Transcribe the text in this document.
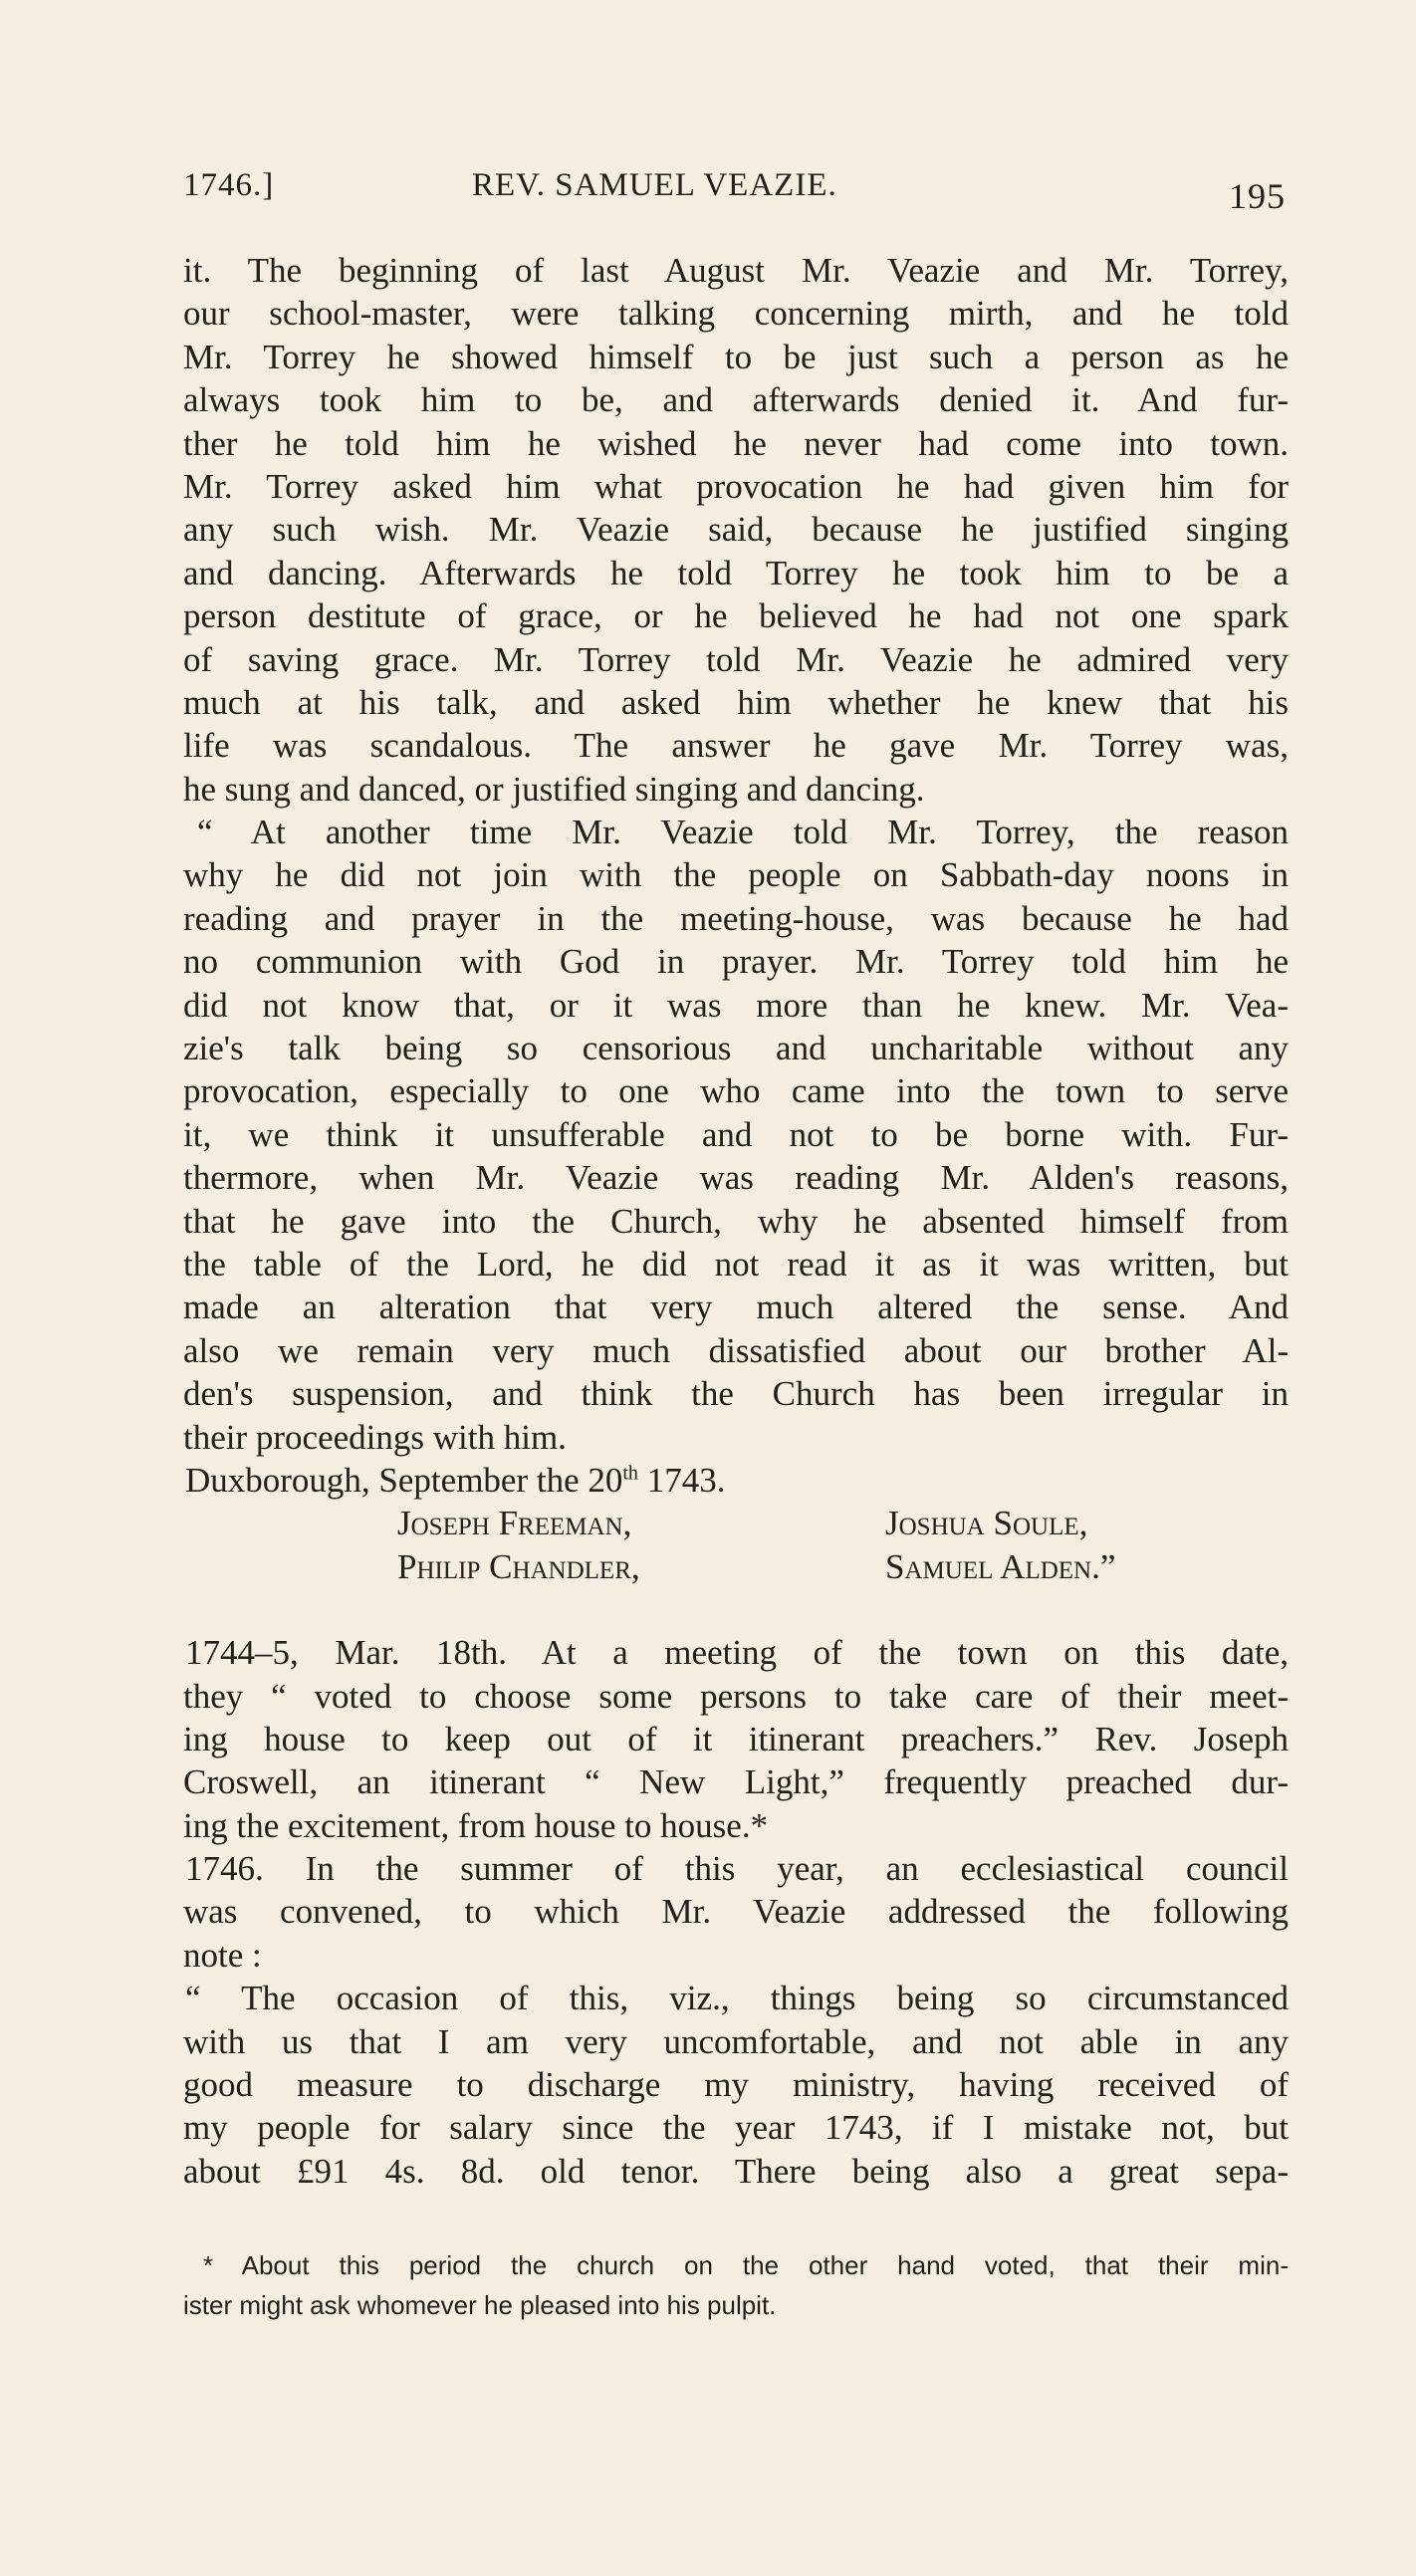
1746.]	REV. SAMUEL VEAZIE.	195
it. The beginning of last August Mr. Veazie and Mr. Torrey,
our school-master, were talking concerning mirth, and he told
Mr. Torrey he showed himself to be just such a person as he
always took him to be, and afterwards denied it. And fur-
ther he told him he wished he never had come into town.
Mr. Torrey asked him what provocation he had given him for
any such wish. Mr. Veazie said, because he justified singing
and dancing. Afterwards he told Torrey he took him to be a
person destitute of grace, or he believed he had not one spark
of saving grace. Mr. Torrey told Mr. Veazie he admired very
much at his talk, and asked him whether he knew that his
life was scandalous. The answer he gave Mr. Torrey was,
he sung and danced, or justified singing and dancing.
“ At another time Mr. Veazie told Mr. Torrey, the reason
why he did not join with the people on Sabbath-day noons in
reading and prayer in the meeting-house, was because he had
no communion with God in prayer. Mr. Torrey told him he
did not know that, or it was more than he knew. Mr. Vea-
zie's talk being so censorious and uncharitable without any
provocation, especially to one who came into the town to serve
it, we think it unsufferable and not to be borne with. Fur-
thermore, when Mr. Veazie was reading Mr. Alden's reasons,
that he gave into the Church, why he absented himself from
the table of the Lord, he did not read it as it was written, but
made an alteration that very much altered the sense. And
also we remain very much dissatisfied about our brother Al-
den's suspension, and think the Church has been irregular in
their proceedings with him.
Duxborough, September the 20th 1743.
Joseph Freeman,	Joshua Soule,
Philip Chandler,	Samuel Alden.”
1744–5, Mar. 18th. At a meeting of the town on this date,
they “ voted to choose some persons to take care of their meet-
ing house to keep out of it itinerant preachers.” Rev. Joseph
Croswell, an itinerant “ New Light,” frequently preached dur-
ing the excitement, from house to house.*
1746. In the summer of this year, an ecclesiastical council
was convened, to which Mr. Veazie addressed the following
note :
“ The occasion of this, viz., things being so circumstanced
with us that I am very uncomfortable, and not able in any
good measure to discharge my ministry, having received of
my people for salary since the year 1743, if I mistake not, but
about £91 4s. 8d. old tenor. There being also a great sepa-
* About this period the church on the other hand voted, that their min-
ister might ask whomever he pleased into his pulpit.
